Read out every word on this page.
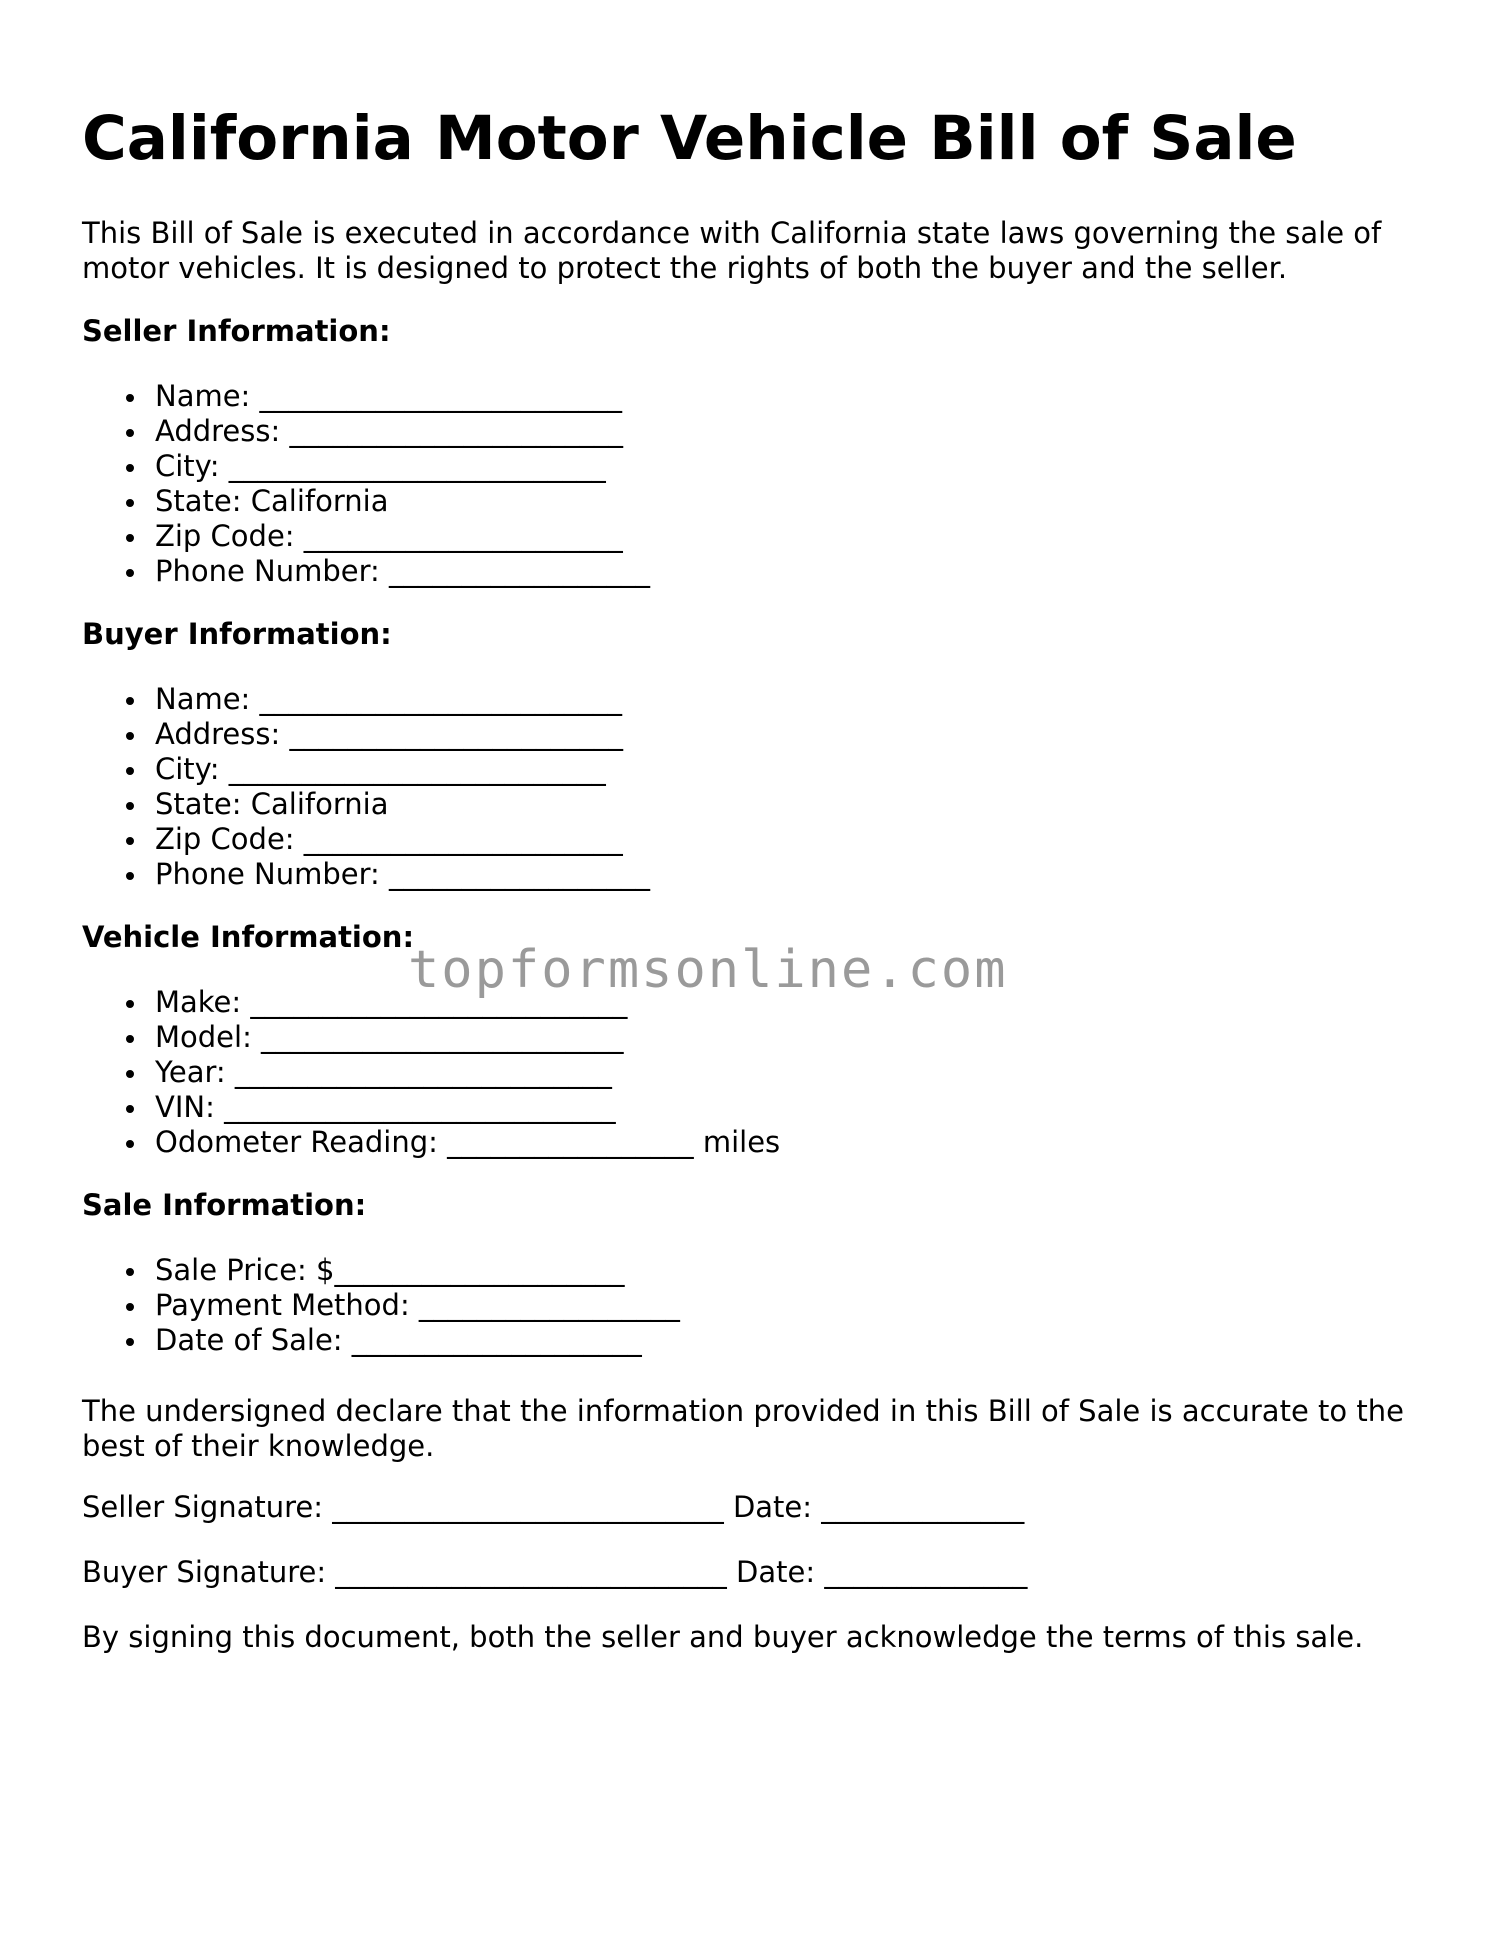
California Motor Vehicle Bill of Sale

This Bill of Sale is executed in accordance with California state laws governing the sale of motor vehicles. It is designed to protect the rights of both the buyer and the seller.

Seller Information:

Name: _________________________
Address: _______________________
City: __________________________
State: California
Zip Code: ______________________
Phone Number: __________________

Buyer Information:

Name: _________________________
Address: _______________________
City: __________________________
State: California
Zip Code: ______________________
Phone Number: __________________

Vehicle Information:

Make: __________________________
Model: _________________________
Year: __________________________
VIN: ___________________________
Odometer Reading: _________________ miles

Sale Information:

Sale Price: $____________________
Payment Method: __________________
Date of Sale: ____________________

The undersigned declare that the information provided in this Bill of Sale is accurate to the best of their knowledge.

Seller Signature: ___________________________ Date: ______________

Buyer Signature: ___________________________ Date: ______________

By signing this document, both the seller and buyer acknowledge the terms of this sale.

topformsonline.com
